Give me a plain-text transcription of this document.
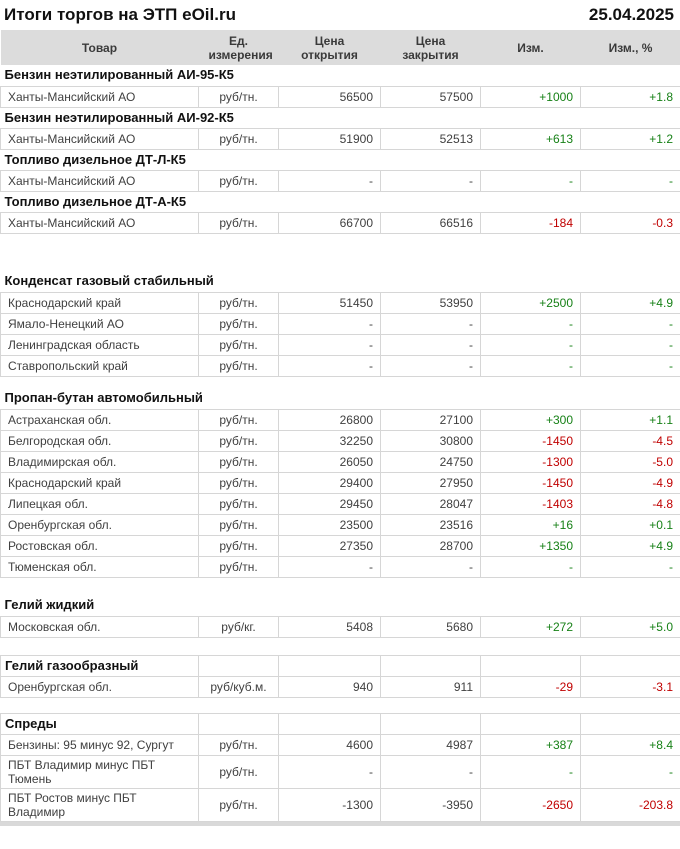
Итоги торгов на ЭТП eOil.ru	25.04.2025
Товар	Ед. измерения	Цена открытия	Цена закрытия	Изм.	Изм., %
Бензин неэтилированный АИ-95-К5					
Ханты-Мансийский АО	руб/тн.	56500	57500	+1000	+1.8
Бензин неэтилированный АИ-92-К5					
Ханты-Мансийский АО	руб/тн.	51900	52513	+613	+1.2
Топливо дизельное ДТ-Л-К5					
Ханты-Мансийский АО	руб/тн.	-	-	-	-
Топливо дизельное ДТ-А-К5					
Ханты-Мансийский АО	руб/тн.	66700	66516	-184	-0.3

Конденсат газовый стабильный					
Краснодарский край	руб/тн.	51450	53950	+2500	+4.9
Ямало-Ненецкий АО	руб/тн.	-	-	-	-
Ленинградская область	руб/тн.	-	-	-	-
Ставропольский край	руб/тн.	-	-	-	-

Пропан-бутан автомобильный					
Астраханская обл.	руб/тн.	26800	27100	+300	+1.1
Белгородская обл.	руб/тн.	32250	30800	-1450	-4.5
Владимирская обл.	руб/тн.	26050	24750	-1300	-5.0
Краснодарский край	руб/тн.	29400	27950	-1450	-4.9
Липецкая обл.	руб/тн.	29450	28047	-1403	-4.8
Оренбургская обл.	руб/тн.	23500	23516	+16	+0.1
Ростовская обл.	руб/тн.	27350	28700	+1350	+4.9
Тюменская обл.	руб/тн.	-	-	-	-

Гелий жидкий					
Московская обл.	руб/кг.	5408	5680	+272	+5.0

Гелий газообразный					
Оренбургская обл.	руб/куб.м.	940	911	-29	-3.1

Спреды					
Бензины: 95 минус 92, Сургут	руб/тн.	4600	4987	+387	+8.4
ПБТ Владимир минус ПБТ Тюмень	руб/тн.	-	-	-	-
ПБТ Ростов минус ПБТ Владимир	руб/тн.	-1300	-3950	-2650	-203.8
